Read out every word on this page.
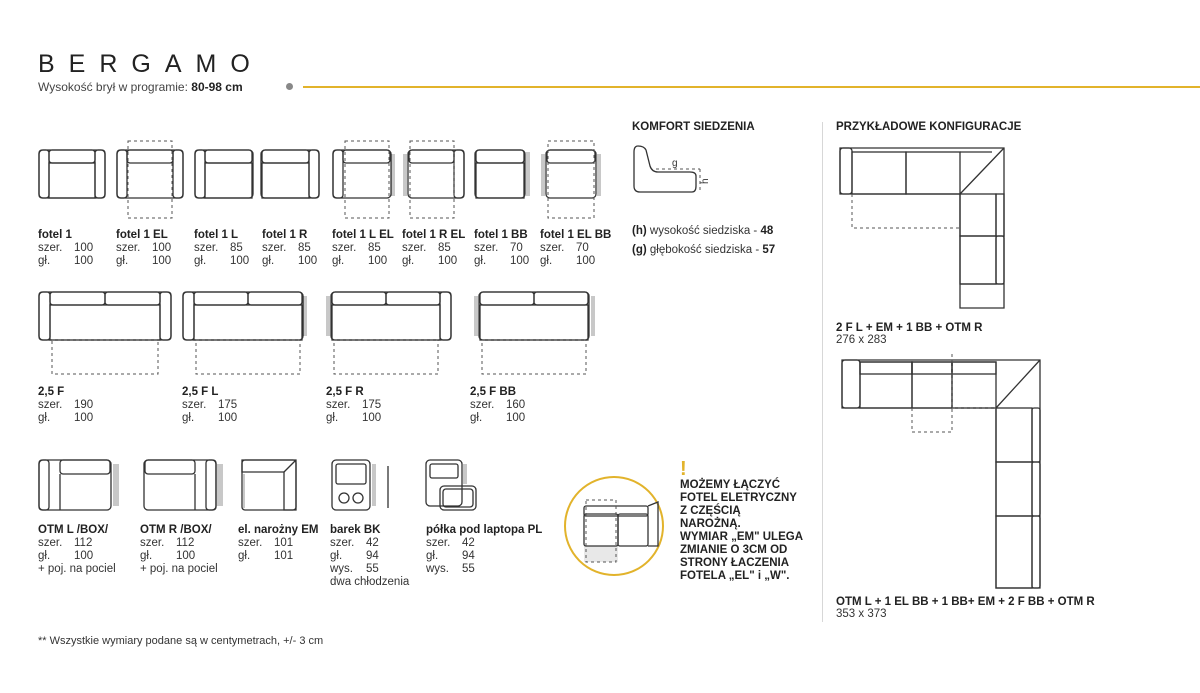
BERGAMO
Wysokość brył w programie: 80-98 cm
fotel 1
szer. 100
gł. 100
fotel 1 EL
szer. 100
gł. 100
fotel 1 L
szer. 85
gł. 100
fotel 1 R
szer. 85
gł. 100
fotel 1 L EL
szer. 85
gł. 100
fotel 1 R EL
szer. 85
gł. 100
fotel 1 BB
szer. 70
gł. 100
fotel 1 EL BB
szer. 70
gł. 100
2,5 F
szer. 190
gł. 100
2,5 F L
szer. 175
gł. 100
2,5 F R
szer. 175
gł. 100
2,5 F BB
szer. 160
gł. 100
OTM L /BOX/
szer. 112
gł. 100
+ poj. na pociel
OTM R /BOX/
szer. 112
gł. 100
+ poj. na pociel
el. narożny EM
szer. 101
gł. 101
barek BK
szer. 42
gł. 94
wys. 55
dwa chłodzenia
półka pod laptopa PL
szer. 42
gł. 94
wys. 55
KOMFORT SIEDZENIA
g
h
(h) wysokość siedziska - 48
(g) głębokość siedziska - 57
!

MOŻEMY ŁĄCZYĆ

FOTEL ELETRYCZNY

Z CZĘŚCIĄ

NAROŻNĄ.

WYMIAR „EM" ULEGA

ZMIANIE O 3CM OD

STRONY ŁACZENIA

FOTELA „EL" i „W".

PRZYKŁADOWE KONFIGURACJE
2 F L + EM + 1 BB + OTM R
276 x 283
OTM L + 1 EL BB + 1 BB+ EM + 2 F BB + OTM R
353 x 373
** Wszystkie wymiary podane są w centymetrach, +/- 3 cm
